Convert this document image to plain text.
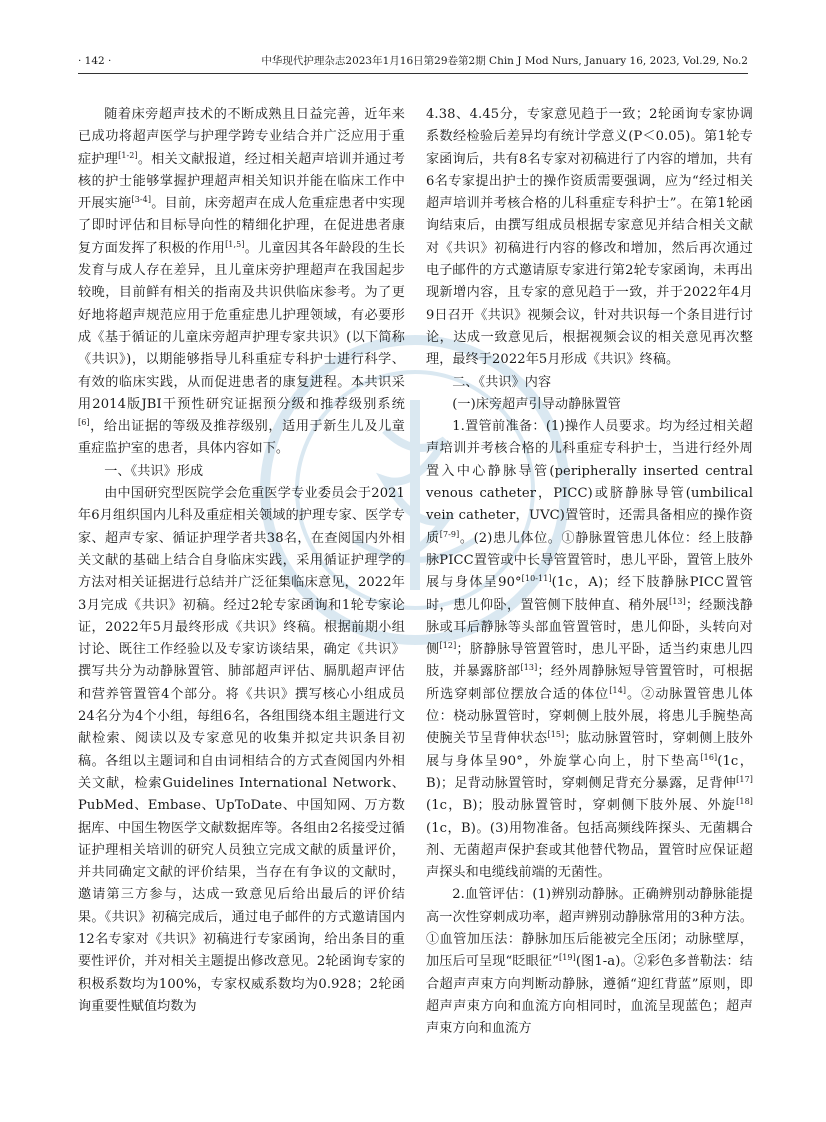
· 142 ·	中华现代护理杂志2023年1月16日第29卷第2期 Chin J Mod Nurs, January 16, 2023, Vol.29, No.2

随着床旁超声技术的不断成熟且日益完善，近年来已成功将超声医学与护理学跨专业结合并广泛应用于重症护理[1-2]。相关文献报道，经过相关超声培训并通过考核的护士能够掌握护理超声相关知识并能在临床工作中开展实施[3-4]。目前，床旁超声在成人危重症患者中实现了即时评估和目标导向性的精细化护理，在促进患者康复方面发挥了积极的作用[1,5]。儿童因其各年龄段的生长发育与成人存在差异，且儿童床旁护理超声在我国起步较晚，目前鲜有相关的指南及共识供临床参考。为了更好地将超声规范应用于危重症患儿护理领域，有必要形成《基于循证的儿童床旁超声护理专家共识》(以下简称《共识》)，以期能够指导儿科重症专科护士进行科学、有效的临床实践，从而促进患者的康复进程。本共识采用2014版JBI干预性研究证据预分级和推荐级别系统[6]，给出证据的等级及推荐级别，适用于新生儿及儿童重症监护室的患者，具体内容如下。

一、《共识》形成

由中国研究型医院学会危重医学专业委员会于2021年6月组织国内儿科及重症相关领域的护理专家、医学专家、超声专家、循证护理学者共38名，在查阅国内外相关文献的基础上结合自身临床实践，采用循证护理学的方法对相关证据进行总结并广泛征集临床意见，2022年3月完成《共识》初稿。经过2轮专家函询和1轮专家论证，2022年5月最终形成《共识》终稿。根据前期小组讨论、既往工作经验以及专家访谈结果，确定《共识》撰写共分为动静脉置管、肺部超声评估、膈肌超声评估和营养管置管4个部分。将《共识》撰写核心小组成员24名分为4个小组，每组6名，各组围绕本组主题进行文献检索、阅读以及专家意见的收集并拟定共识条目初稿。各组以主题词和自由词相结合的方式查阅国内外相关文献，检索Guidelines International Network、PubMed、Embase、UpToDate、中国知网、万方数据库、中国生物医学文献数据库等。各组由2名接受过循证护理相关培训的研究人员独立完成文献的质量评价，并共同确定文献的评价结果，当存在有争议的文献时，邀请第三方参与，达成一致意见后给出最后的评价结果。《共识》初稿完成后，通过电子邮件的方式邀请国内12名专家对《共识》初稿进行专家函询，给出条目的重要性评价，并对相关主题提出修改意见。2轮函询专家的积极系数均为100%，专家权威系数均为0.928；2轮函询重要性赋值均数为

4.38、4.45分，专家意见趋于一致；2轮函询专家协调系数经检验后差异均有统计学意义(P＜0.05)。第1轮专家函询后，共有8名专家对初稿进行了内容的增加，共有6名专家提出护士的操作资质需要强调，应为“经过相关超声培训并考核合格的儿科重症专科护士”。在第1轮函询结束后，由撰写组成员根据专家意见并结合相关文献对《共识》初稿进行内容的修改和增加，然后再次通过电子邮件的方式邀请原专家进行第2轮专家函询，未再出现新增内容，且专家的意见趋于一致，并于2022年4月9日召开《共识》视频会议，针对共识每一个条目进行讨论，达成一致意见后，根据视频会议的相关意见再次整理，最终于2022年5月形成《共识》终稿。

二、《共识》内容

(一)床旁超声引导动静脉置管

1.置管前准备：(1)操作人员要求。均为经过相关超声培训并考核合格的儿科重症专科护士，当进行经外周置入中心静脉导管(peripherally inserted central venous catheter，PICC)或脐静脉导管(umbilical vein catheter，UVC)置管时，还需具备相应的操作资质[7-9]。(2)患儿体位。①静脉置管患儿体位：经上肢静脉PICC置管或中长导管置管时，患儿平卧，置管上肢外展与身体呈90°[10-11](1c，A)；经下肢静脉PICC置管时，患儿仰卧，置管侧下肢伸直、稍外展[13]；经颞浅静脉或耳后静脉等头部血管置管时，患儿仰卧，头转向对侧[12]；脐静脉导管置管时，患儿平卧，适当约束患儿四肢，并暴露脐部[13]；经外周静脉短导管置管时，可根据所选穿刺部位摆放合适的体位[14]。②动脉置管患儿体位：桡动脉置管时，穿刺侧上肢外展，将患儿手腕垫高使腕关节呈背伸状态[15]；肱动脉置管时，穿刺侧上肢外展与身体呈90°，外旋掌心向上，肘下垫高[16](1c，B)；足背动脉置管时，穿刺侧足背充分暴露，足背伸[17](1c，B)；股动脉置管时，穿刺侧下肢外展、外旋[18](1c，B)。(3)用物准备。包括高频线阵探头、无菌耦合剂、无菌超声保护套或其他替代物品，置管时应保证超声探头和电缆线前端的无菌性。

2.血管评估：(1)辨别动静脉。正确辨别动静脉能提高一次性穿刺成功率，超声辨别动静脉常用的3种方法。①血管加压法：静脉加压后能被完全压闭；动脉壁厚，加压后可呈现“眨眼征”[19](图1-a)。②彩色多普勒法：结合超声声束方向判断动静脉，遵循“迎红背蓝”原则，即超声声束方向和血流方向相同时，血流呈现蓝色；超声声束方向和血流方
